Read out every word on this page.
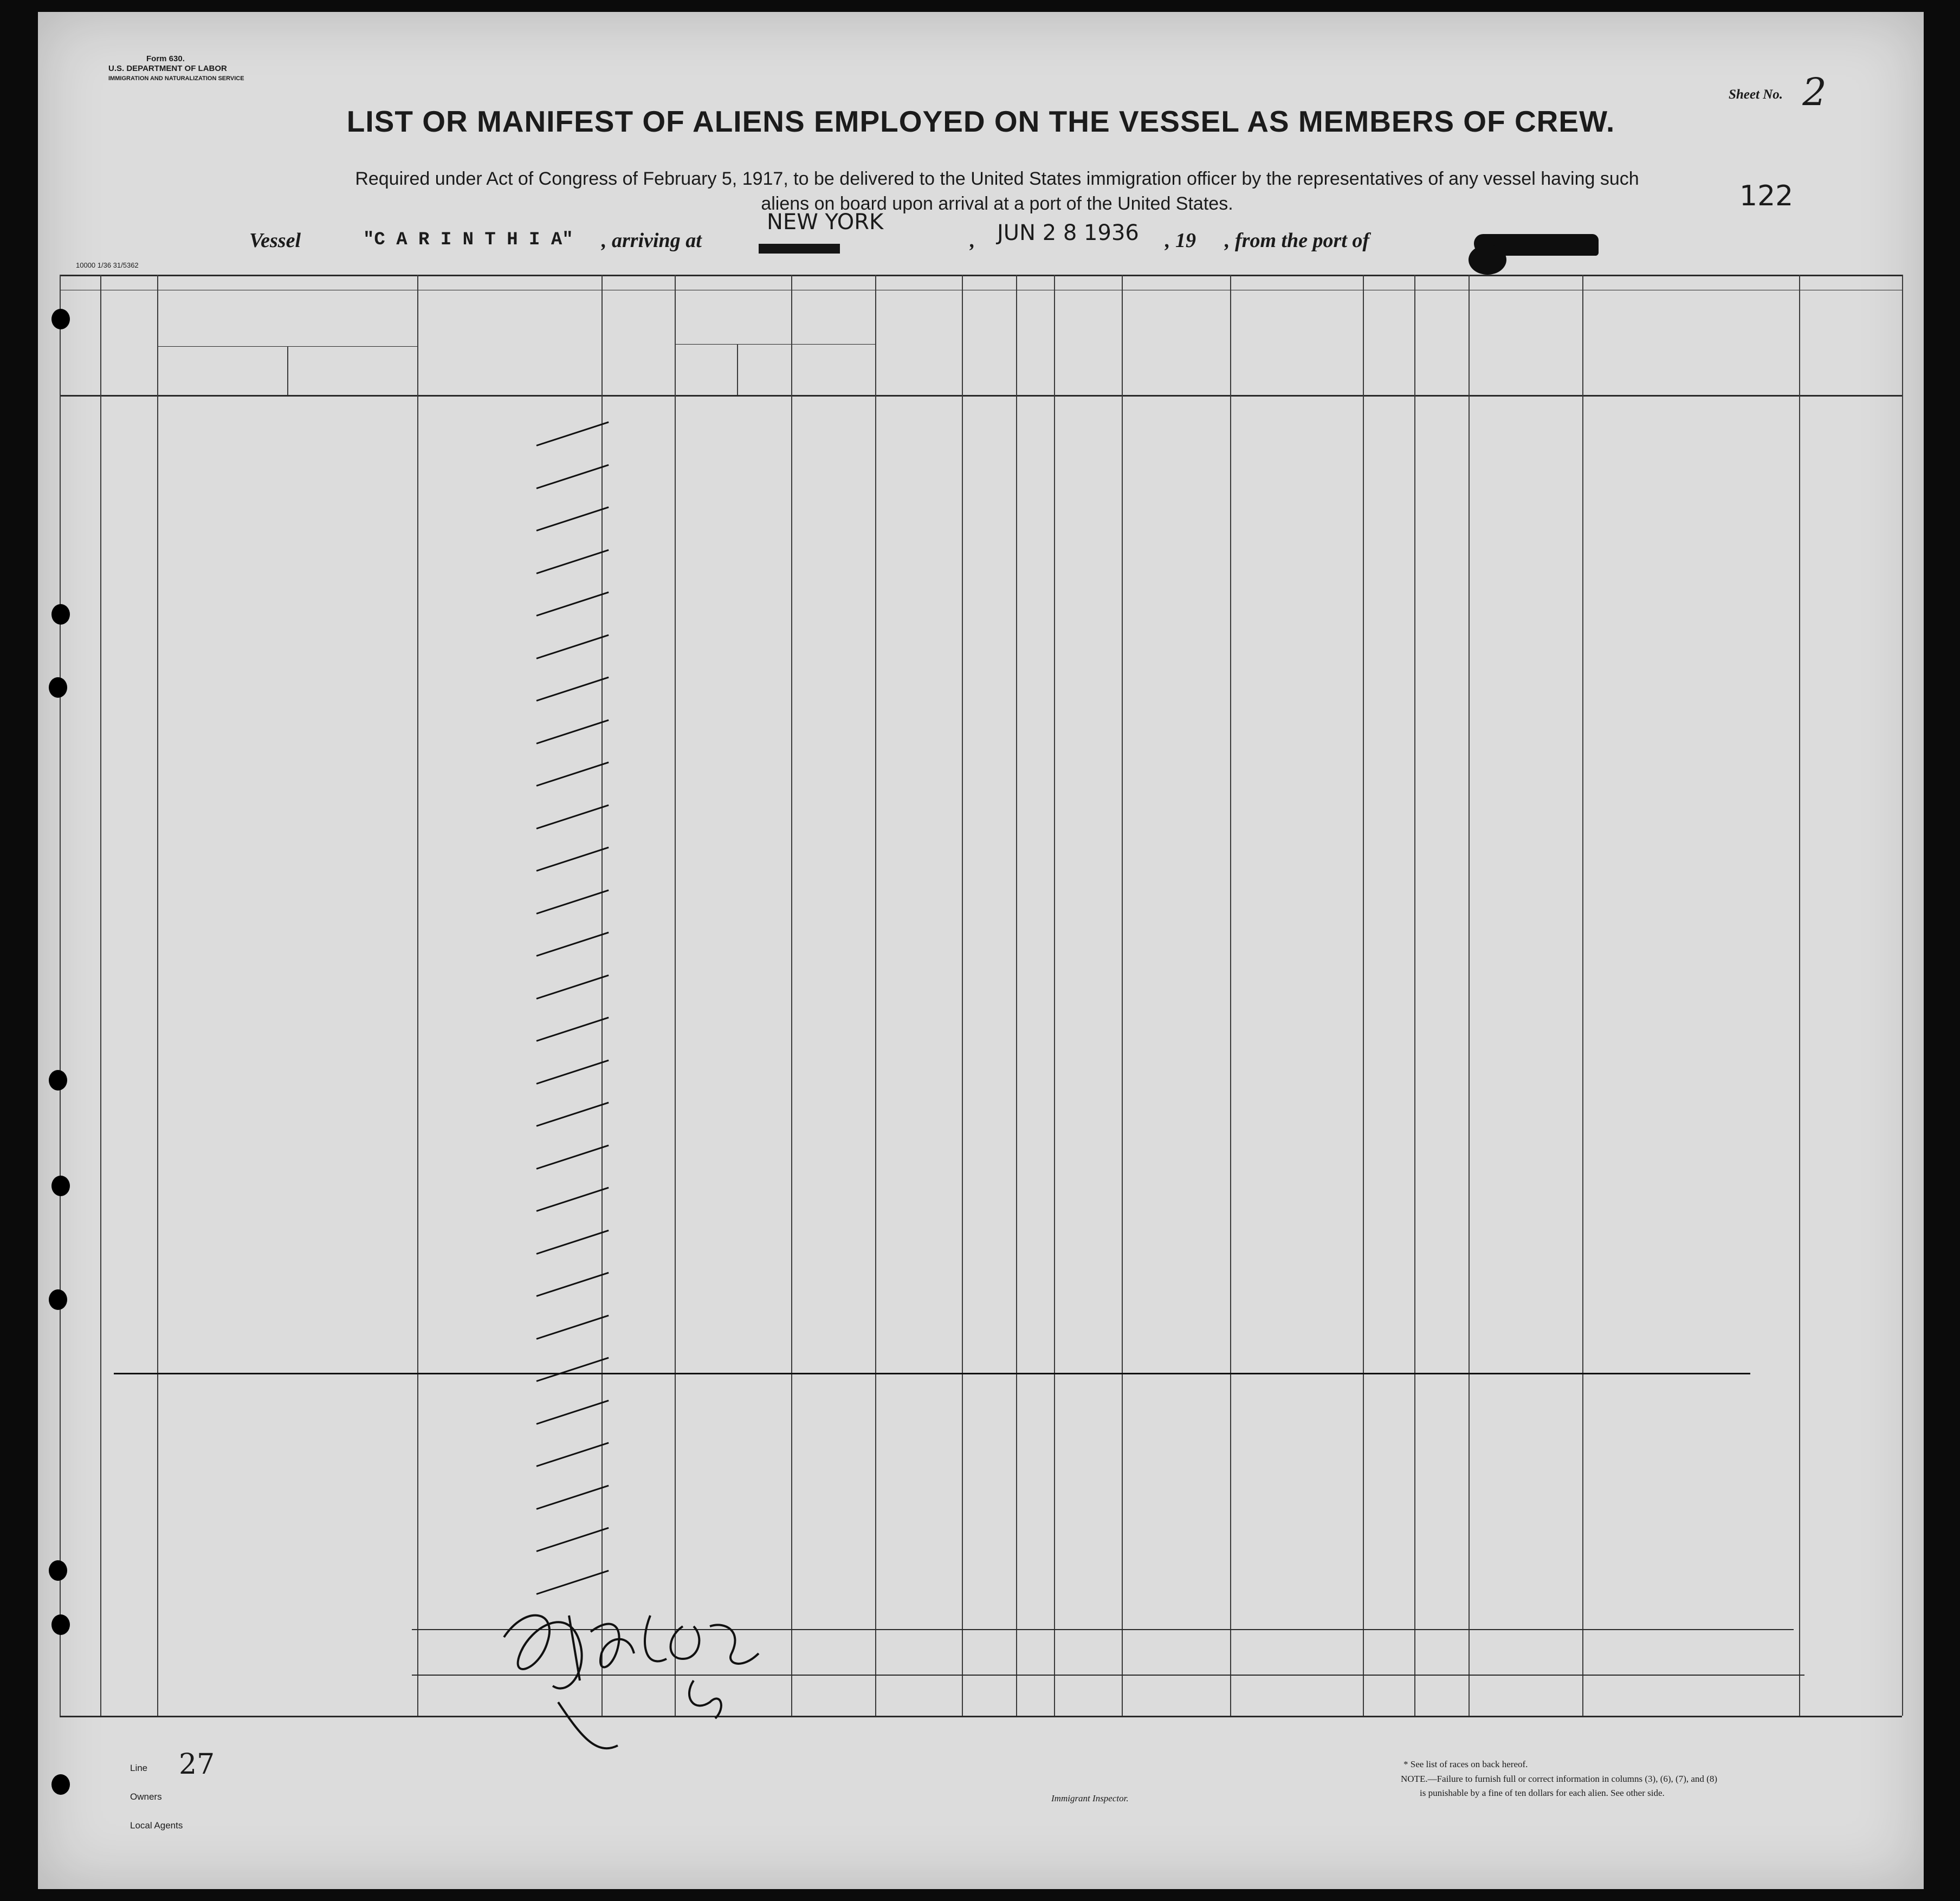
Form 630.
U.S. DEPARTMENT OF LABOR
IMMIGRATION AND NATURALIZATION SERVICE
Sheet No. 2
LIST OR MANIFEST OF ALIENS EMPLOYED ON THE VESSEL AS MEMBERS OF CREW.
Required under Act of Congress of February 5, 1917, to be delivered to the United States immigration officer by the representatives of any vessel having such
aliens on board upon arrival at a port of the United States.	122
Vessel	"C A R I N T H I A" , arriving at
NEW YORK
, JUN 2 8 1936 , 19 , from the port of
10000 1/36 31/5362
Line 27
Owners
Local Agents
Immigrant Inspector.
* See list of races on back hereof.
NOTE.—Failure to furnish full or correct information in columns (3), (6), (7), and (8)
is punishable by a fine of ten dollars for each alien. See other side.
